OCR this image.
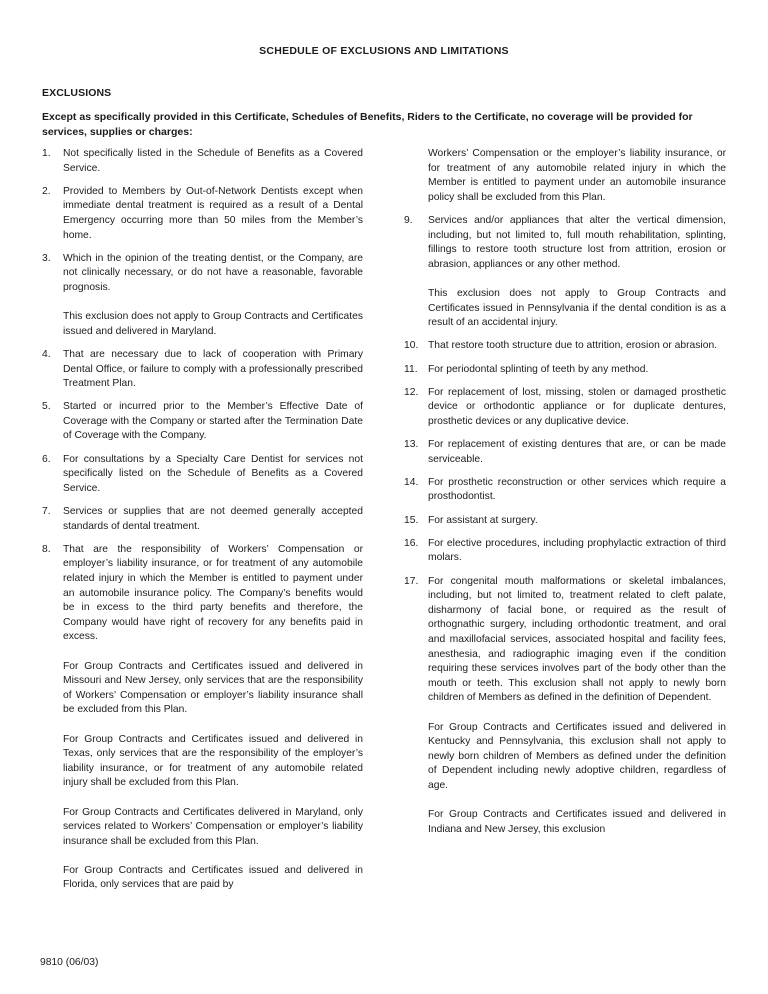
SCHEDULE OF EXCLUSIONS AND LIMITATIONS
EXCLUSIONS
Except as specifically provided in this Certificate, Schedules of Benefits, Riders to the Certificate, no coverage will be provided for services, supplies or charges:
1.	Not specifically listed in the Schedule of Benefits as a Covered Service.

2.	Provided to Members by Out-of-Network Dentists except when immediate dental treatment is required as a result of a Dental Emergency occurring more than 50 miles from the Member’s home.

3.	Which in the opinion of the treating dentist, or the Company, are not clinically necessary, or do not have a reasonable, favorable prognosis.

This exclusion does not apply to Group Contracts and Certificates issued and delivered in Maryland.

4.	That are necessary due to lack of cooperation with Primary Dental Office, or failure to comply with a professionally prescribed Treatment Plan.

5.	Started or incurred prior to the Member’s Effective Date of Coverage with the Company or started after the Termination Date of Coverage with the Company.

6.	For consultations by a Specialty Care Dentist for services not specifically listed on the Schedule of Benefits as a Covered Service.

7.	Services or supplies that are not deemed generally accepted standards of dental treatment.

8.	That are the responsibility of Workers’ Compensation or employer’s liability insurance, or for treatment of any automobile related injury in which the Member is entitled to payment under an automobile insurance policy. The Company’s benefits would be in excess to the third party benefits and therefore, the Company would have right of recovery for any benefits paid in excess.

For Group Contracts and Certificates issued and delivered in Missouri and New Jersey, only services that are the responsibility of Workers’ Compensation or employer’s liability insurance shall be excluded from this Plan.

For Group Contracts and Certificates issued and delivered in Texas, only services that are the responsibility of the employer’s liability insurance, or for treatment of any automobile related injury shall be excluded from this Plan.

For Group Contracts and Certificates delivered in Maryland, only services related to Workers’ Compensation or employer’s liability insurance shall be excluded from this Plan.

For Group Contracts and Certificates issued and delivered in Florida, only services that are paid by

Workers’ Compensation or the employer’s liability insurance, or for treatment of any automobile related injury in which the Member is entitled to payment under an automobile insurance policy shall be excluded from this Plan.

9.	Services and/or appliances that alter the vertical dimension, including, but not limited to, full mouth rehabilitation, splinting, fillings to restore tooth structure lost from attrition, erosion or abrasion, appliances or any other method.

This exclusion does not apply to Group Contracts and Certificates issued in Pennsylvania if the dental condition is as a result of an accidental injury.

10. That restore tooth structure due to attrition, erosion or abrasion.

11.	For periodontal splinting of teeth by any method.

12. For replacement of lost, missing, stolen or damaged prosthetic device or orthodontic appliance or for duplicate dentures, prosthetic devices or any duplicative device.

13. For replacement of existing dentures that are, or can be made serviceable.

14. For prosthetic reconstruction or other services which require a prosthodontist.

15. For assistant at surgery.

16. For elective procedures, including prophylactic extraction of third molars.

17. For congenital mouth malformations or skeletal imbalances, including, but not limited to, treatment related to cleft palate, disharmony of facial bone, or required as the result of orthognathic surgery, including orthodontic treatment, and oral and maxillofacial services, associated hospital and facility fees, anesthesia, and radiographic imaging even if the condition requiring these services involves part of the body other than the mouth or teeth. This exclusion shall not apply to newly born children of Members as defined in the definition of Dependent.

For Group Contracts and Certificates issued and delivered in Kentucky and Pennsylvania, this exclusion shall not apply to newly born children of Members as defined under the definition of Dependent including newly adoptive children, regardless of age.

For Group Contracts and Certificates issued and delivered in Indiana and New Jersey, this exclusion

9810 (06/03)
